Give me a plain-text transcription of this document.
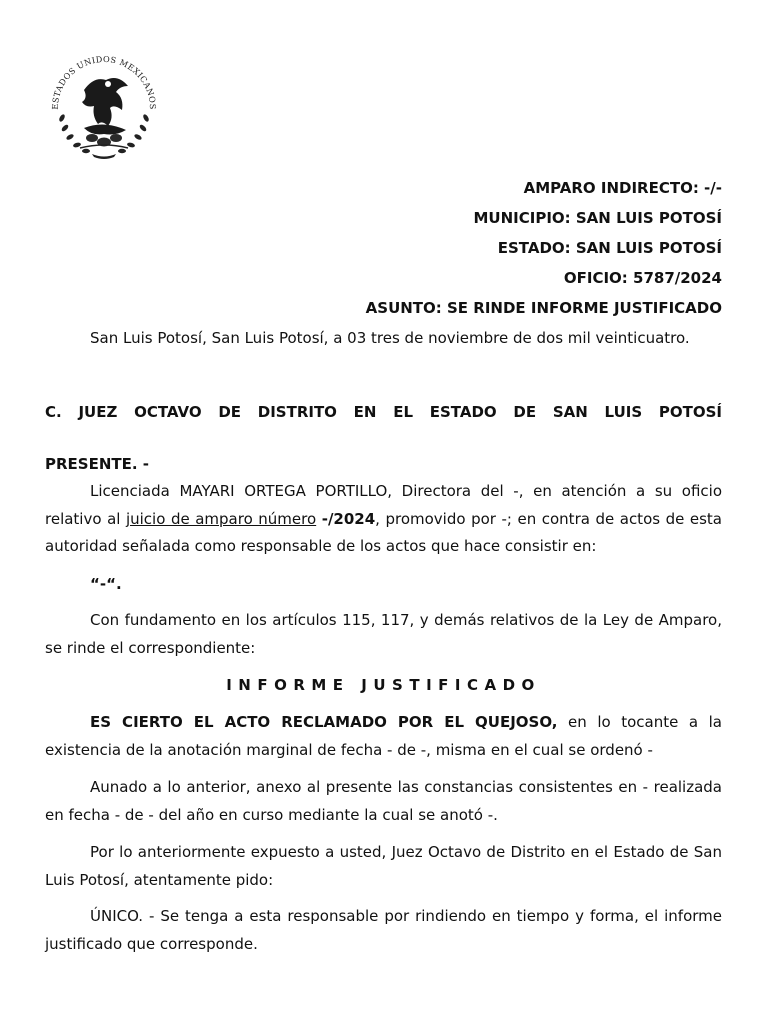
ESTADOS UNIDOS MEXICANOS
AMPARO INDIRECTO: -/-
MUNICIPIO: SAN LUIS POTOSÍ
ESTADO: SAN LUIS POTOSÍ
OFICIO: 5787/2024
ASUNTO: SE RINDE INFORME JUSTIFICADO
San Luis Potosí, San Luis Potosí, a 03 tres de noviembre de dos mil veinticuatro.
C. JUEZ OCTAVO DE DISTRITO EN EL ESTADO DE SAN LUIS POTOSÍ
PRESENTE. -
Licenciada MAYARI ORTEGA PORTILLO, Directora del -, en atención a su oficio relativo al juicio de amparo número -/2024, promovido por -; en contra de actos de esta autoridad señalada como responsable de los actos que hace consistir en:
“-“.
Con fundamento en los artículos 115, 117, y demás relativos de la Ley de Amparo, se rinde el correspondiente:
INFORME JUSTIFICADO
ES CIERTO EL ACTO RECLAMADO POR EL QUEJOSO, en lo tocante a la existencia de la anotación marginal de fecha - de -, misma en el cual se ordenó -
Aunado a lo anterior, anexo al presente las constancias consistentes en - realizada en fecha - de - del año en curso mediante la cual se anotó -.
Por lo anteriormente expuesto a usted, Juez Octavo de Distrito en el Estado de San Luis Potosí, atentamente pido:
ÚNICO. - Se tenga a esta responsable por rindiendo en tiempo y forma, el informe justificado que corresponde.
